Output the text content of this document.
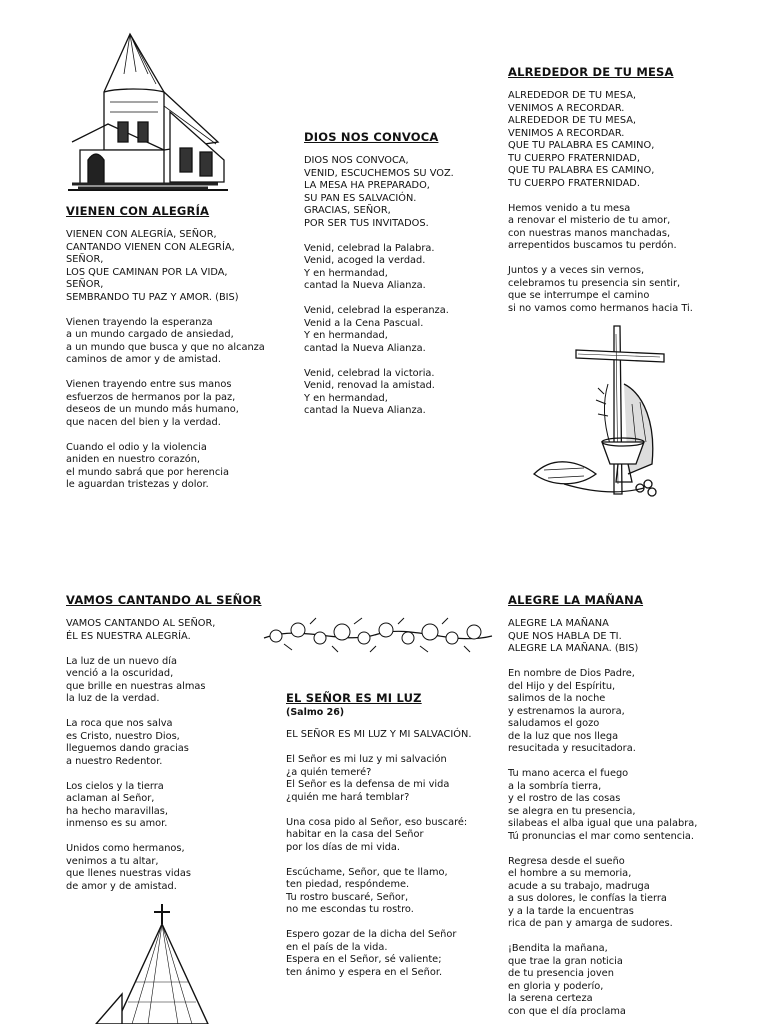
VIENEN CON ALEGRÍA
VIENEN CON ALEGRÍA, SEÑOR,
CANTANDO VIENEN CON ALEGRÍA,
SEÑOR,
LOS QUE CAMINAN POR LA VIDA,
SEÑOR,
SEMBRANDO TU PAZ Y AMOR. (BIS)
Vienen trayendo la esperanza
a un mundo cargado de ansiedad,
a un mundo que busca y que no alcanza
caminos de amor y de amistad.
Vienen trayendo entre sus manos
esfuerzos de hermanos por la paz,
deseos de un mundo más humano,
que nacen del bien y la verdad.
Cuando el odio y la violencia
aniden en nuestro corazón,
el mundo sabrá que por herencia
le aguardan tristezas y dolor.
DIOS NOS CONVOCA
DIOS NOS CONVOCA,
VENID, ESCUCHEMOS SU VOZ.
LA MESA HA PREPARADO,
SU PAN ES SALVACIÓN.
GRACIAS, SEÑOR,
POR SER TUS INVITADOS.
Venid, celebrad la Palabra.
Venid, acoged la verdad.
Y en hermandad,
cantad la Nueva Alianza.
Venid, celebrad la esperanza.
Venid a la Cena Pascual.
Y en hermandad,
cantad la Nueva Alianza.
Venid, celebrad la victoria.
Venid, renovad la amistad.
Y en hermandad,
cantad la Nueva Alianza.
ALREDEDOR DE TU MESA
ALREDEDOR DE TU MESA,
VENIMOS A RECORDAR.
ALREDEDOR DE TU MESA,
VENIMOS A RECORDAR.
QUE TU PALABRA ES CAMINO,
TU CUERPO FRATERNIDAD,
QUE TU PALABRA ES CAMINO,
TU CUERPO FRATERNIDAD.
Hemos venido a tu mesa
a renovar el misterio de tu amor,
con nuestras manos manchadas,
arrepentidos buscamos tu perdón.
Juntos y a veces sin vernos,
celebramos tu presencia sin sentir,
que se interrumpe el camino
si no vamos como hermanos hacia Ti.
VAMOS CANTANDO AL SEÑOR
VAMOS CANTANDO AL SEÑOR,
ÉL ES NUESTRA ALEGRÍA.
La luz de un nuevo día
venció a la oscuridad,
que brille en nuestras almas
la luz de la verdad.
La roca que nos salva
es Cristo, nuestro Dios,
lleguemos dando gracias
a nuestro Redentor.
Los cielos y la tierra
aclaman al Señor,
ha hecho maravillas,
inmenso es su amor.
Unidos como hermanos,
venimos a tu altar,
que llenes nuestras vidas
de amor y de amistad.
EL SEÑOR ES MI LUZ
(Salmo 26)
EL SEÑOR ES MI LUZ Y MI SALVACIÓN.
El Señor es mi luz y mi salvación
¿a quién temeré?
El Señor es la defensa de mi vida
¿quién me hará temblar?
Una cosa pido al Señor, eso buscaré:
habitar en la casa del Señor
por los días de mi vida.
Escúchame, Señor, que te llamo,
ten piedad, respóndeme.
Tu rostro buscaré, Señor,
no me escondas tu rostro.
Espero gozar de la dicha del Señor
en el país de la vida.
Espera en el Señor, sé valiente;
ten ánimo y espera en el Señor.
ALEGRE LA MAÑANA
ALEGRE LA MAÑANA
QUE NOS HABLA DE TI.
ALEGRE LA MAÑANA. (BIS)
En nombre de Dios Padre,
del Hijo y del Espíritu,
salimos de la noche
y estrenamos la aurora,
saludamos el gozo
de la luz que nos llega
resucitada y resucitadora.
Tu mano acerca el fuego
a la sombría tierra,
y el rostro de las cosas
se alegra en tu presencia,
silabeas el alba igual que una palabra,
Tú pronuncias el mar como sentencia.
Regresa desde el sueño
el hombre a su memoria,
acude a su trabajo, madruga
a sus dolores, le confías la tierra
y a la tarde la encuentras
rica de pan y amarga de sudores.
¡Bendita la mañana,
que trae la gran noticia
de tu presencia joven
en gloria y poderío,
la serena certeza
con que el día proclama
